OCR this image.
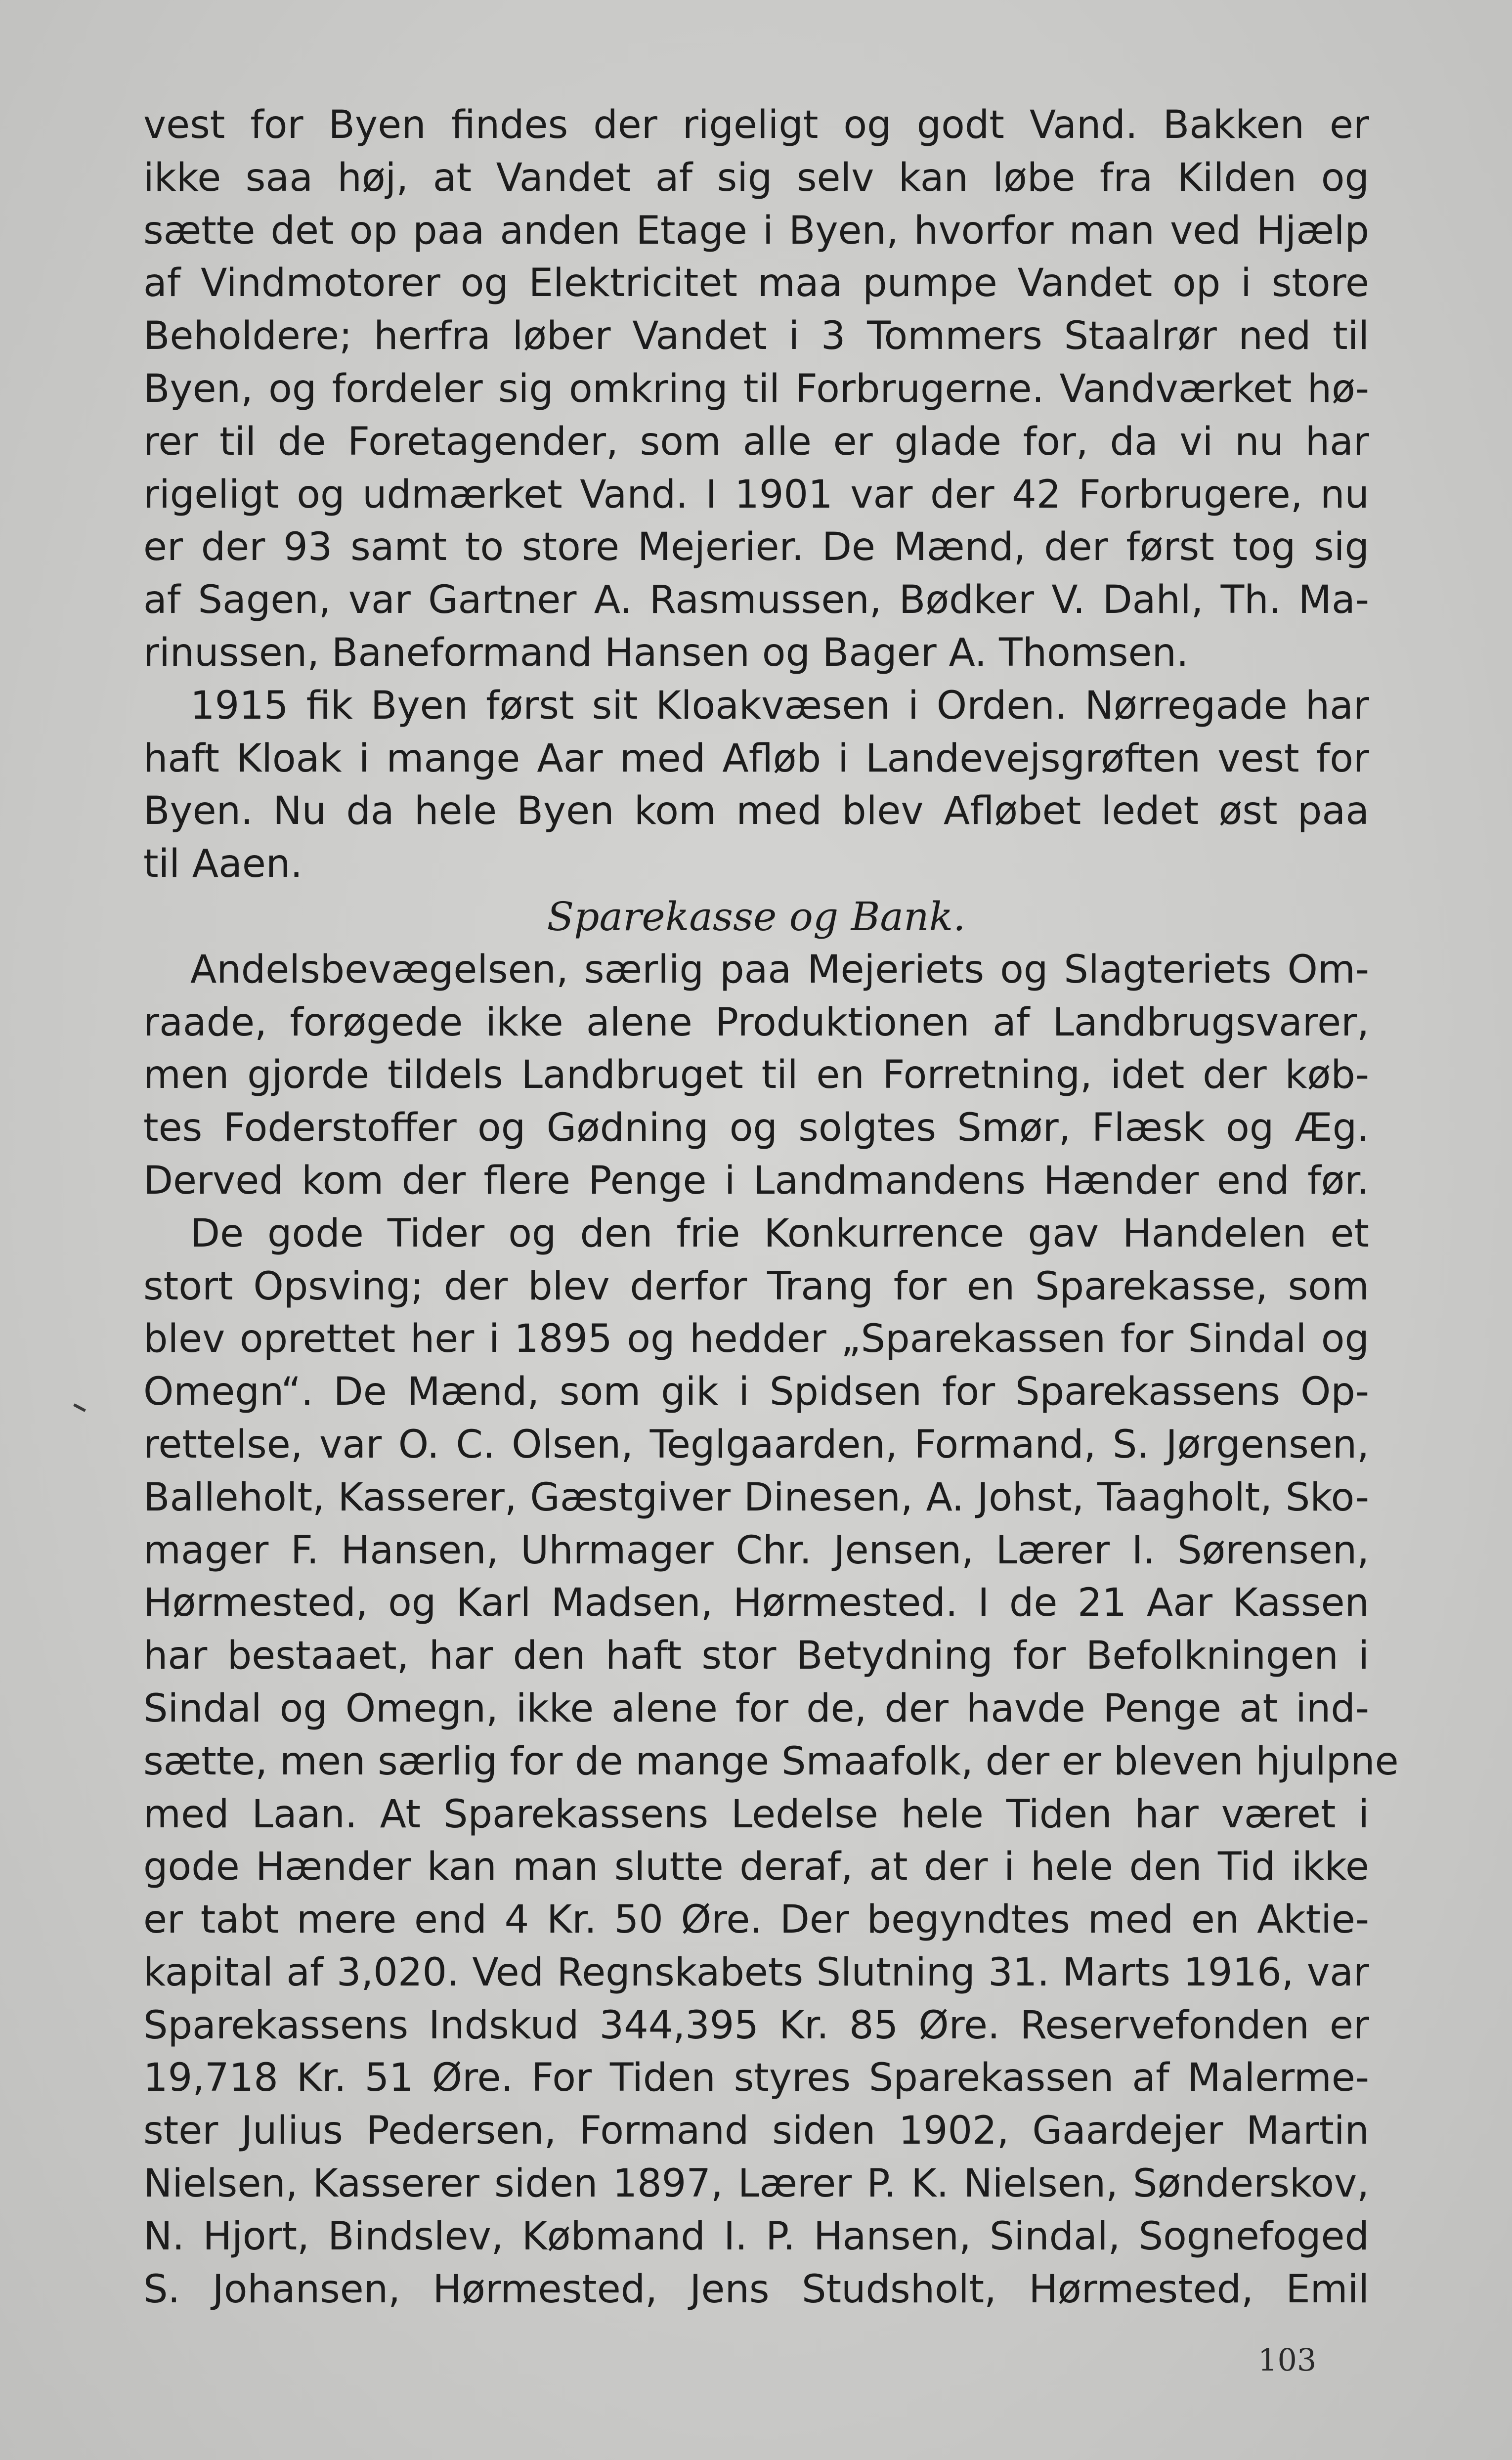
vest for Byen findes der rigeligt og godt Vand. Bakken er
ikke saa høj, at Vandet af sig selv kan løbe fra Kilden og
sætte det op paa anden Etage i Byen, hvorfor man ved Hjælp
af Vindmotorer og Elektricitet maa pumpe Vandet op i store
Beholdere; herfra løber Vandet i 3 Tommers Staalrør ned til
Byen, og fordeler sig omkring til Forbrugerne. Vandværket hø-
rer til de Foretagender, som alle er glade for, da vi nu har
rigeligt og udmærket Vand. I 1901 var der 42 Forbrugere, nu
er der 93 samt to store Mejerier. De Mænd, der først tog sig
af Sagen, var Gartner A. Rasmussen, Bødker V. Dahl, Th. Ma-
rinussen, Baneformand Hansen og Bager A. Thomsen.
1915 fik Byen først sit Kloakvæsen i Orden. Nørregade har
haft Kloak i mange Aar med Afløb i Landevejsgrøften vest for
Byen. Nu da hele Byen kom med blev Afløbet ledet øst paa
til Aaen.
Sparekasse og Bank.
Andelsbevægelsen, særlig paa Mejeriets og Slagteriets Om-
raade, forøgede ikke alene Produktionen af Landbrugsvarer,
men gjorde tildels Landbruget til en Forretning, idet der køb-
tes Foderstoffer og Gødning og solgtes Smør, Flæsk og Æg.
Derved kom der flere Penge i Landmandens Hænder end før.
De gode Tider og den frie Konkurrence gav Handelen et
stort Opsving; der blev derfor Trang for en Sparekasse, som
blev oprettet her i 1895 og hedder „Sparekassen for Sindal og
Omegn“. De Mænd, som gik i Spidsen for Sparekassens Op-
rettelse, var O. C. Olsen, Teglgaarden, Formand, S. Jørgensen,
Balleholt, Kasserer, Gæstgiver Dinesen, A. Johst, Taagholt, Sko-
mager F. Hansen, Uhrmager Chr. Jensen, Lærer I. Sørensen,
Hørmested, og Karl Madsen, Hørmested. I de 21 Aar Kassen
har bestaaet, har den haft stor Betydning for Befolkningen i
Sindal og Omegn, ikke alene for de, der havde Penge at ind-
sætte, men særlig for de mange Smaafolk, der er bleven hjulpne
med Laan. At Sparekassens Ledelse hele Tiden har været i
gode Hænder kan man slutte deraf, at der i hele den Tid ikke
er tabt mere end 4 Kr. 50 Øre. Der begyndtes med en Aktie-
kapital af 3,020. Ved Regnskabets Slutning 31. Marts 1916, var
Sparekassens Indskud 344,395 Kr. 85 Øre. Reservefonden er
19,718 Kr. 51 Øre. For Tiden styres Sparekassen af Malerme-
ster Julius Pedersen, Formand siden 1902, Gaardejer Martin
Nielsen, Kasserer siden 1897, Lærer P. K. Nielsen, Sønderskov,
N. Hjort, Bindslev, Købmand I. P. Hansen, Sindal, Sognefoged
S. Johansen, Hørmested, Jens Studsholt, Hørmested, Emil
103
